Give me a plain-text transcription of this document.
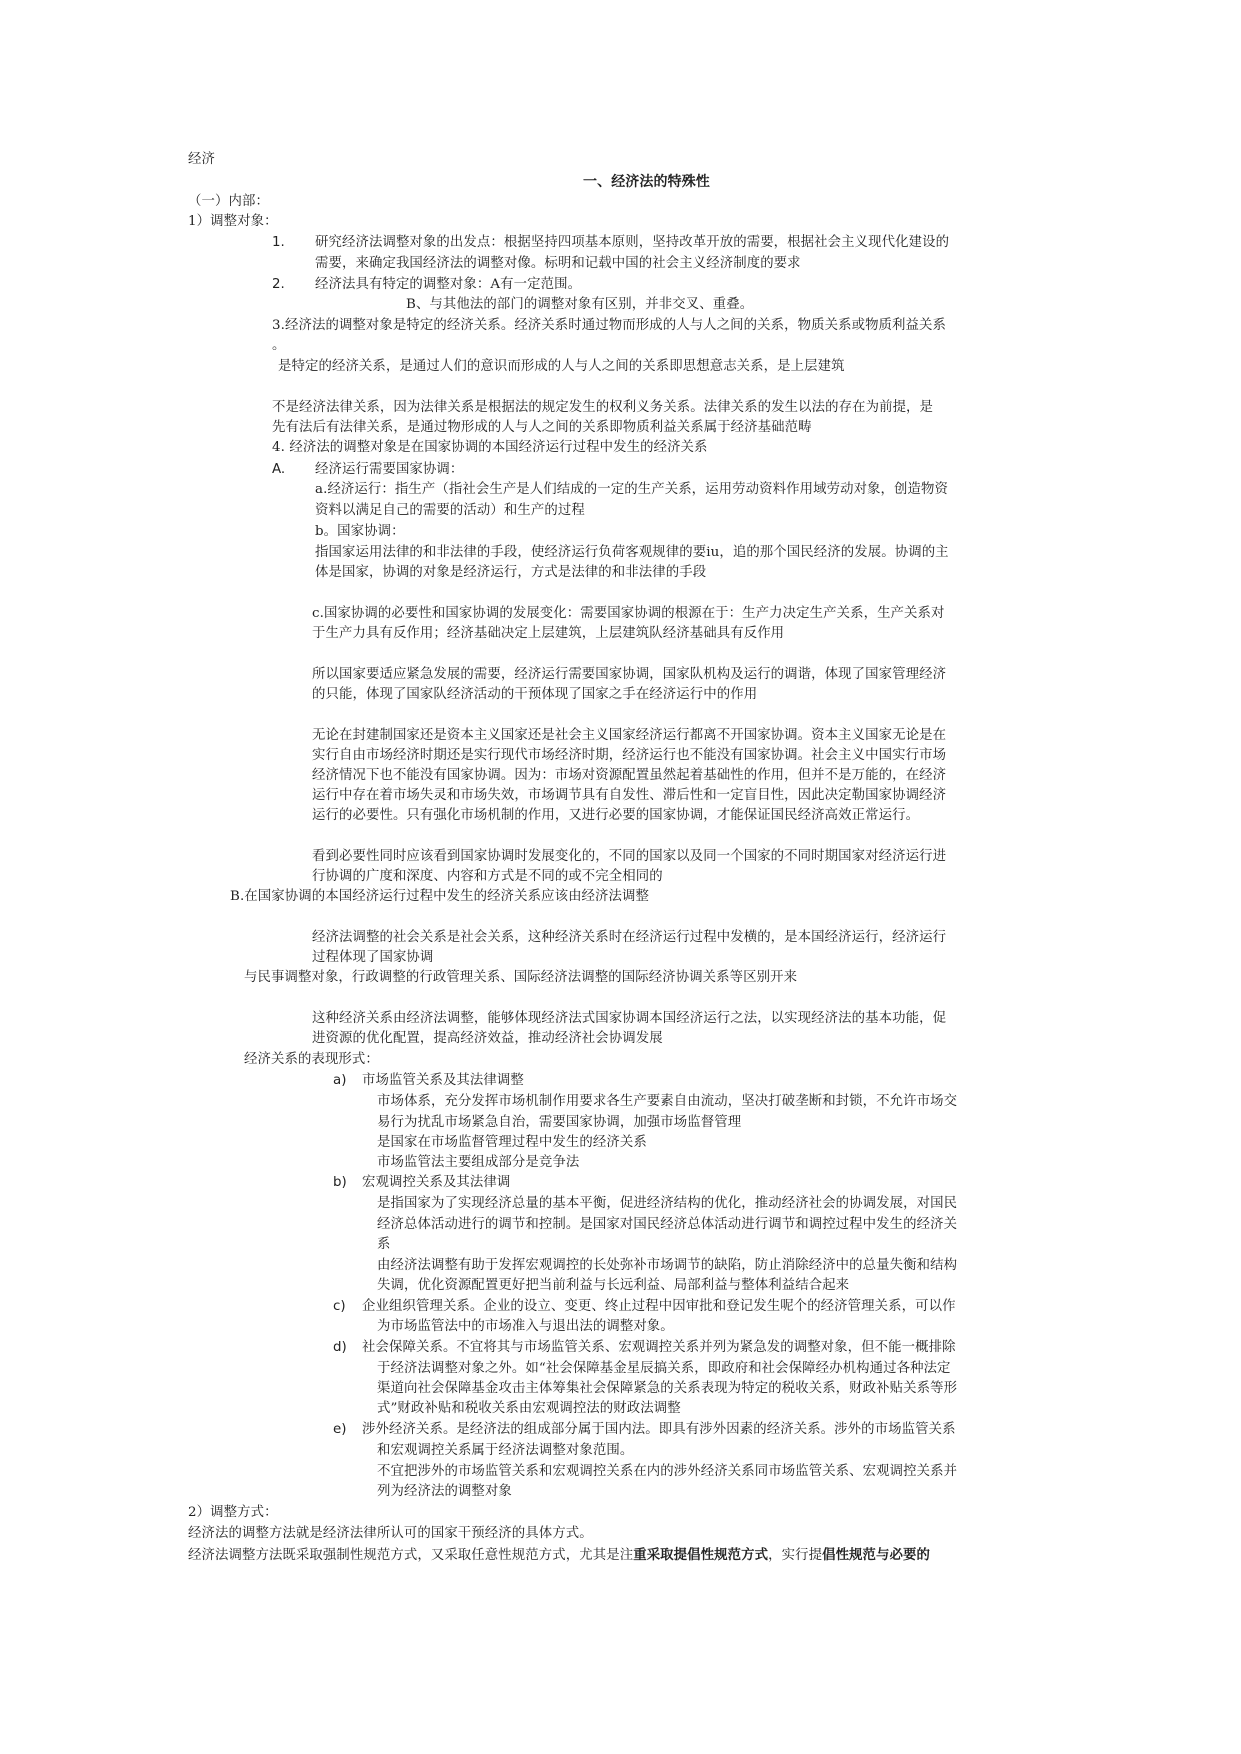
经济
一、经济法的特殊性
（一）内部：
1）调整对象：
1. 研究经济法调整对象的出发点：根据坚持四项基本原则，坚持改革开放的需要，根据社会主义现代化建设的
需要，来确定我国经济法的调整对像。标明和记载中国的社会主义经济制度的要求
2. 经济法具有特定的调整对象：A有一定范围。
B、与其他法的部门的调整对象有区别，并非交叉、重叠。
3.经济法的调整对象是特定的经济关系。经济关系时通过物而形成的人与人之间的关系，物质关系或物质利益关系
。
是特定的经济关系，是通过人们的意识而形成的人与人之间的关系即思想意志关系，是上层建筑
不是经济法律关系，因为法律关系是根据法的规定发生的权利义务关系。法律关系的发生以法的存在为前提，是
先有法后有法律关系，是通过物形成的人与人之间的关系即物质利益关系属于经济基础范畴
4. 经济法的调整对象是在国家协调的本国经济运行过程中发生的经济关系
A. 经济运行需要国家协调：
a.经济运行：指生产（指社会生产是人们结成的一定的生产关系，运用劳动资料作用域劳动对象，创造物资
资料以满足自己的需要的活动）和生产的过程
b。国家协调：
指国家运用法律的和非法律的手段，使经济运行负荷客观规律的要iu，追的那个国民经济的发展。协调的主
体是国家，协调的对象是经济运行，方式是法律的和非法律的手段
c.国家协调的必要性和国家协调的发展变化：需要国家协调的根源在于：生产力决定生产关系，生产关系对
于生产力具有反作用；经济基础决定上层建筑，上层建筑队经济基础具有反作用
所以国家要适应紧急发展的需要，经济运行需要国家协调，国家队机构及运行的调谐，体现了国家管理经济
的只能，体现了国家队经济活动的干预体现了国家之手在经济运行中的作用
无论在封建制国家还是资本主义国家还是社会主义国家经济运行都离不开国家协调。资本主义国家无论是在
实行自由市场经济时期还是实行现代市场经济时期，经济运行也不能没有国家协调。社会主义中国实行市场
经济情况下也不能没有国家协调。因为：市场对资源配置虽然起着基础性的作用，但并不是万能的，在经济
运行中存在着市场失灵和市场失效，市场调节具有自发性、滞后性和一定盲目性，因此决定勒国家协调经济
运行的必要性。只有强化市场机制的作用，又进行必要的国家协调，才能保证国民经济高效正常运行。
看到必要性同时应该看到国家协调时发展变化的，不同的国家以及同一个国家的不同时期国家对经济运行进
行协调的广度和深度、内容和方式是不同的或不完全相同的
B.在国家协调的本国经济运行过程中发生的经济关系应该由经济法调整
经济法调整的社会关系是社会关系，这种经济关系时在经济运行过程中发横的，是本国经济运行，经济运行
过程体现了国家协调
与民事调整对象，行政调整的行政管理关系、国际经济法调整的国际经济协调关系等区别开来
这种经济关系由经济法调整，能够体现经济法式国家协调本国经济运行之法，以实现经济法的基本功能，促
进资源的优化配置，提高经济效益，推动经济社会协调发展
经济关系的表现形式：
a) 市场监管关系及其法律调整
市场体系，充分发挥市场机制作用要求各生产要素自由流动，坚决打破垄断和封锁，不允许市场交
易行为扰乱市场紧急自治，需要国家协调，加强市场监督管理
是国家在市场监督管理过程中发生的经济关系
市场监管法主要组成部分是竞争法
b) 宏观调控关系及其法律调
是指国家为了实现经济总量的基本平衡，促进经济结构的优化，推动经济社会的协调发展，对国民
经济总体活动进行的调节和控制。是国家对国民经济总体活动进行调节和调控过程中发生的经济关
系
由经济法调整有助于发挥宏观调控的长处弥补市场调节的缺陷，防止消除经济中的总量失衡和结构
失调，优化资源配置更好把当前利益与长远利益、局部利益与整体利益结合起来
c) 企业组织管理关系。企业的设立、变更、终止过程中因审批和登记发生呢个的经济管理关系，可以作
为市场监管法中的市场准入与退出法的调整对象。
d) 社会保障关系。不宜将其与市场监管关系、宏观调控关系并列为紧急发的调整对象，但不能一概排除
于经济法调整对象之外。如“社会保障基金星辰搞关系，即政府和社会保障经办机构通过各种法定
渠道向社会保障基金攻击主体筹集社会保障紧急的关系表现为特定的税收关系，财政补贴关系等形
式”财政补贴和税收关系由宏观调控法的财政法调整
e) 涉外经济关系。是经济法的组成部分属于国内法。即具有涉外因素的经济关系。涉外的市场监管关系
和宏观调控关系属于经济法调整对象范围。
不宜把涉外的市场监管关系和宏观调控关系在内的涉外经济关系同市场监管关系、宏观调控关系并
列为经济法的调整对象
2）调整方式：
经济法的调整方法就是经济法律所认可的国家干预经济的具体方式。
经济法调整方法既采取强制性规范方式，又采取任意性规范方式，尤其是注重采取提倡性规范方式，实行提倡性规范与必要的
